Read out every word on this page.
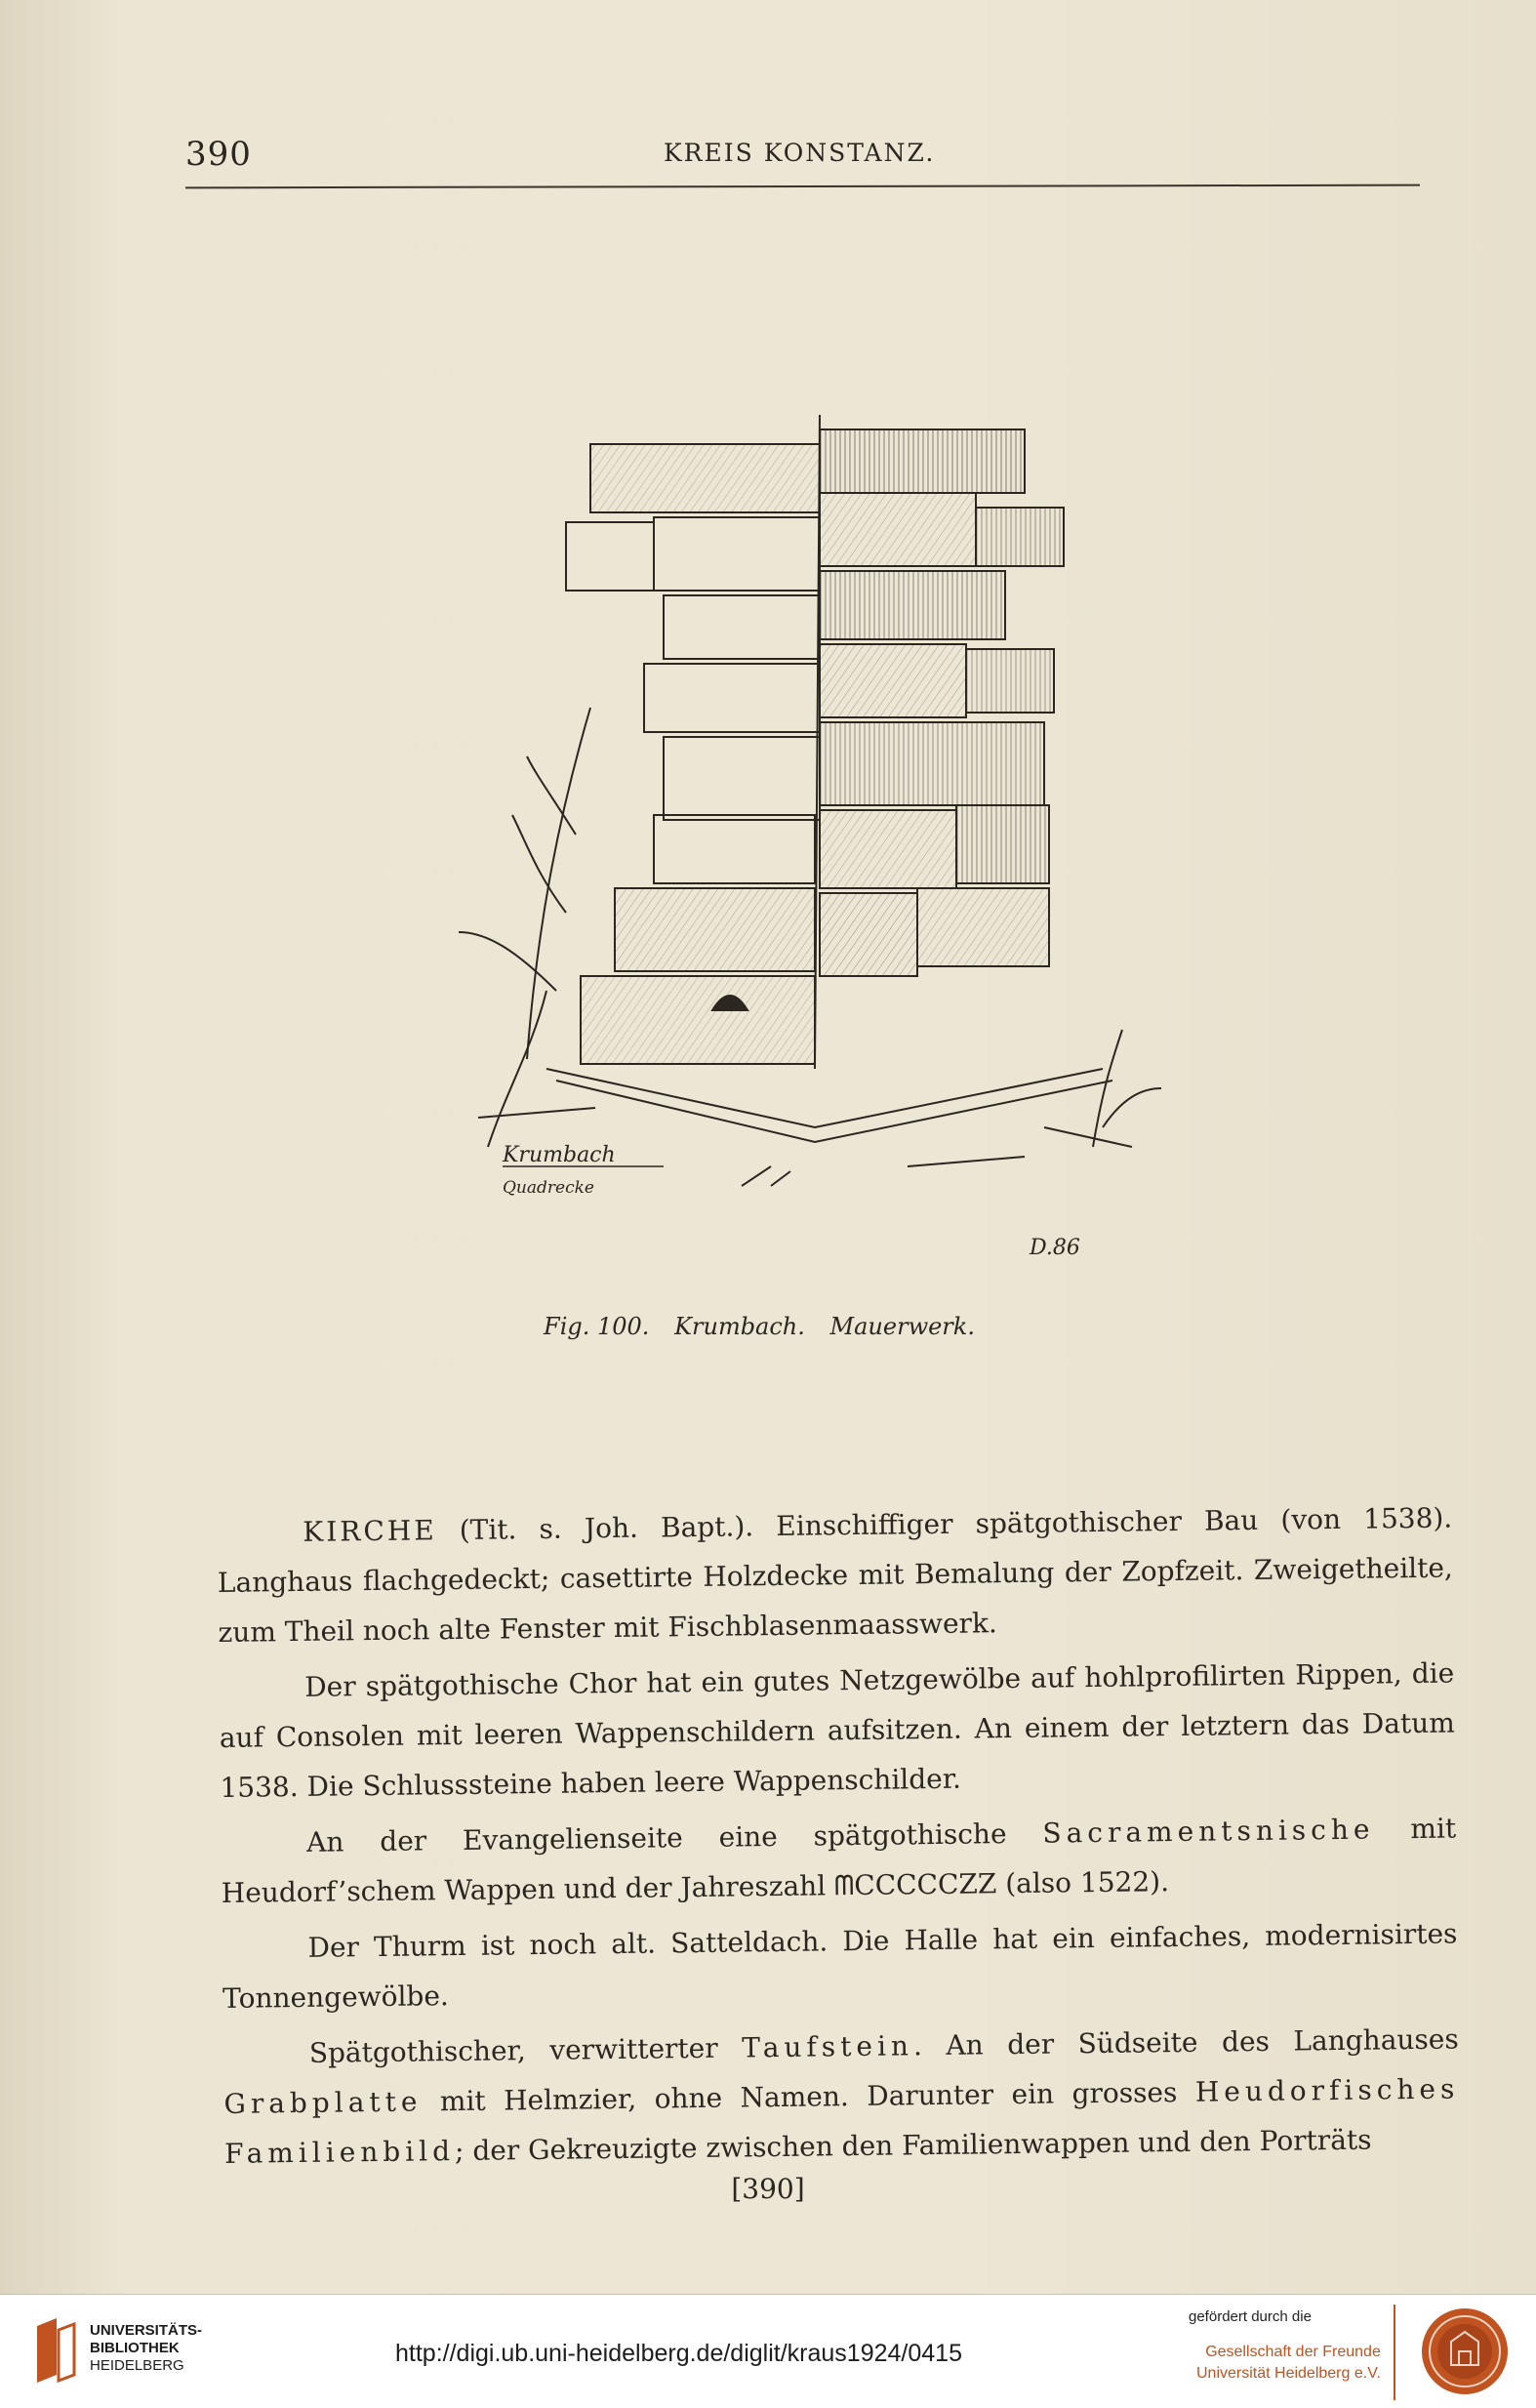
390	KREIS KONSTANZ.
Krumbach
Quadrecke
D.86
Fig. 100. Krumbach. Mauerwerk.

KIRCHE (Tit. s. Joh. Bapt.). Einschiffiger spätgothischer Bau (von 1538). Langhaus flachgedeckt; casettirte Holzdecke mit Bemalung der Zopfzeit. Zweigetheilte, zum Theil noch alte Fenster mit Fischblasenmaasswerk.

Der spätgothische Chor hat ein gutes Netzgewölbe auf hohlprofilirten Rippen, die auf Consolen mit leeren Wappenschildern aufsitzen. An einem der letztern das Datum 1538. Die Schlusssteine haben leere Wappenschilder.

An der Evangelienseite eine spätgothische Sacramentsnische mit Heudorf’schem Wappen und der Jahreszahl ᗰCCCCCZZ (also 1522).

Der Thurm ist noch alt. Satteldach. Die Halle hat ein einfaches, modernisirtes Tonnengewölbe.

Spätgothischer, verwitterter Taufstein. An der Südseite des Langhauses Grabplatte mit Helmzier, ohne Namen. Darunter ein grosses Heudorfisches Familienbild; der Gekreuzigte zwischen den Familienwappen und den Porträts

[390]
UNIVERSITÄTS-
BIBLIOTHEK
HEIDELBERG	http://digi.ub.uni-heidelberg.de/diglit/kraus1924/0415
gefördert durch die
Gesellschaft der Freunde
Universität Heidelberg e.V.
